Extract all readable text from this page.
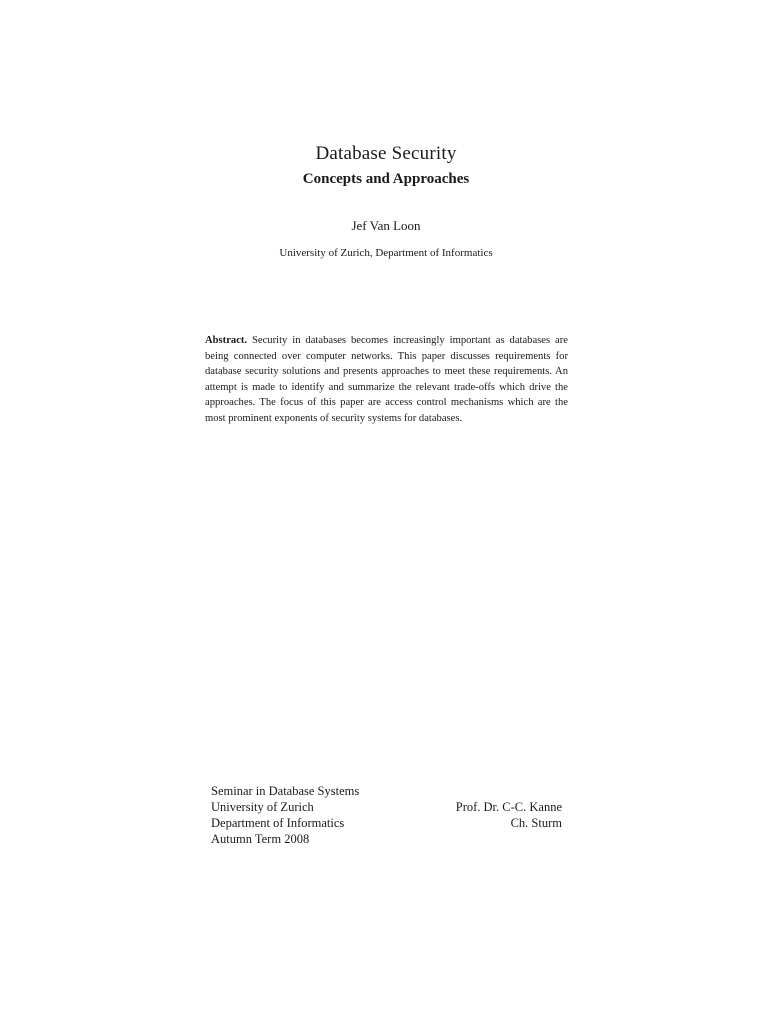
Database Security
Concepts and Approaches
Jef Van Loon
University of Zurich, Department of Informatics
Abstract. Security in databases becomes increasingly important as databases are being connected over computer networks. This paper discusses requirements for database security solutions and presents approaches to meet these requirements. An attempt is made to identify and summarize the relevant trade-offs which drive the approaches. The focus of this paper are access control mechanisms which are the most prominent exponents of security systems for databases.
Seminar in Database Systems
University of Zurich
Department of Informatics
Autumn Term 2008
Prof. Dr. C-C. Kanne
Ch. Sturm
